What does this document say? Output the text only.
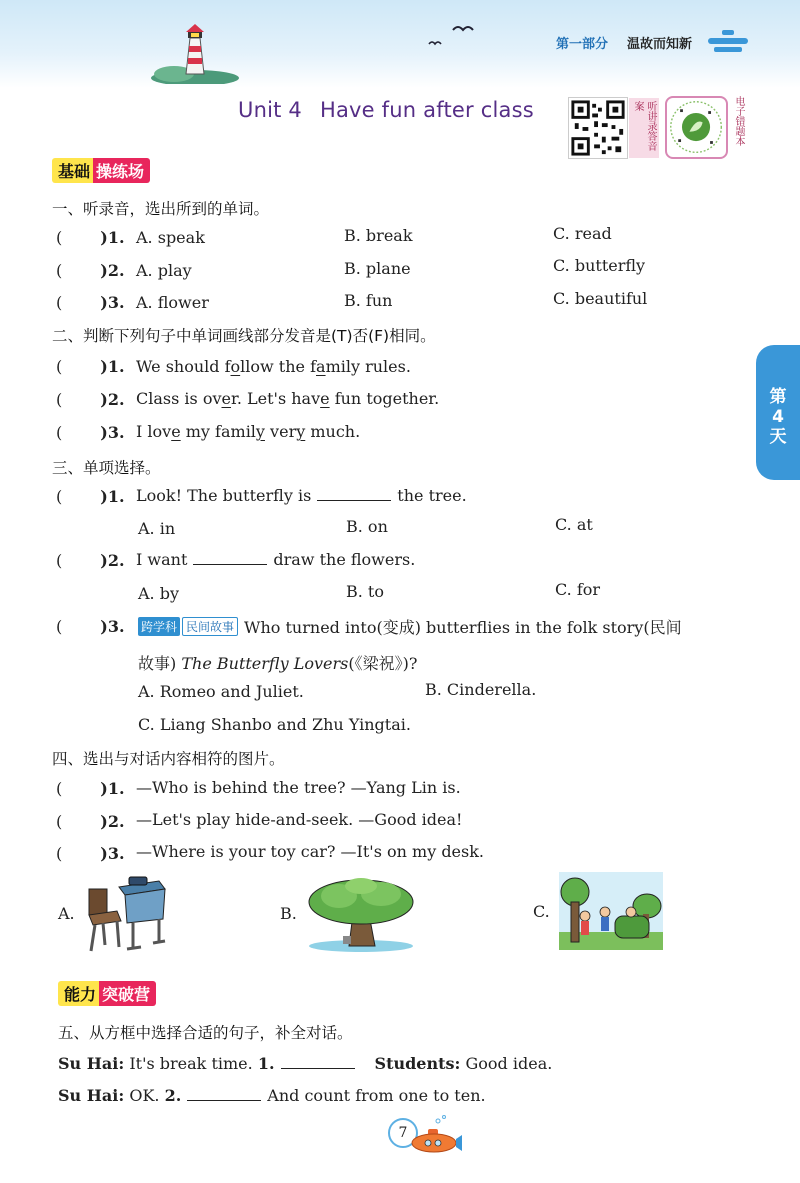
第一部分 温故而知新
Unit 4 Have fun after class	听讲录答音案	电子错题本
第
4
天
基础 操练场
一、听录音，选出所到的单词。
( )1. A. speak	B. break	C. read
( )2. A. play	B. plane	C. butterfly
( )3. A. flower	B. fun	C. beautiful
二、判断下列句子中单词画线部分发音是(T)否(F)相同。
( )1. We should follow the family rules.
( )2. Class is over. Let's have fun together.
( )3. I love my family very much.
三、单项选择。
( )1. Look! The butterfly is	the tree.
A. in	B. on	C. at
( )2. I want	draw the flowers.
A. by	B. to	C. for
( )3. 跨学科 民间故事 Who turned into(变成) butterflies in the folk story(民间
故事) The Butterfly Lovers(《梁祝》)?
A. Romeo and Juliet.	B. Cinderella.
C. Liang Shanbo and Zhu Yingtai.
四、选出与对话内容相符的图片。
( )1. —Who is behind the tree? —Yang Lin is.
( )2. —Let's play hide-and-seek. —Good idea!
( )3. —Where is your toy car? —It's on my desk.
A.	B.	C.
能力 突破营
五、从方框中选择合适的句子，补全对话。
Su Hai: It's break time. 1.	Students: Good idea.
Su Hai: OK. 2.	And count from one to ten.
7
